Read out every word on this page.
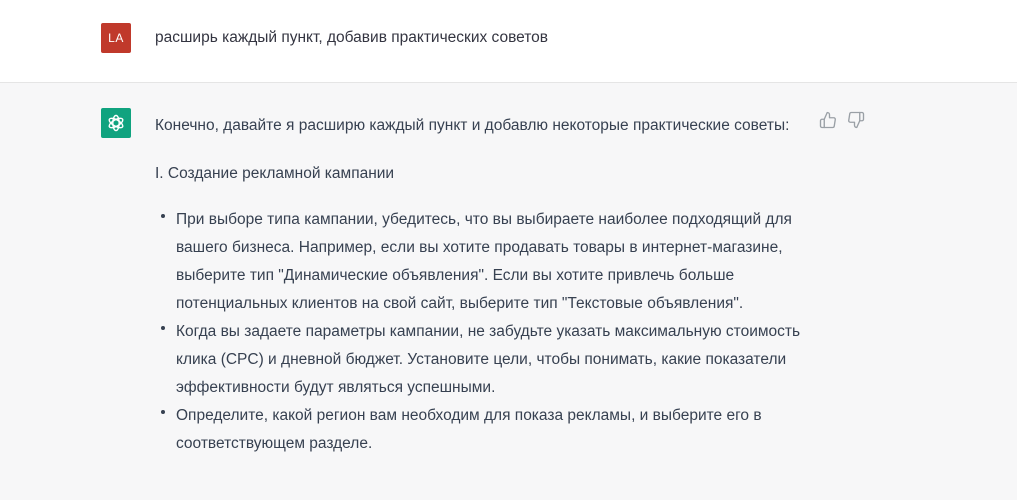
LA	расширь каждый пункт, добавив практических советов

Конечно, давайте я расширю каждый пункт и добавлю некоторые практические советы:

I. Создание рекламной кампании

При выборе типа кампании, убедитесь, что вы выбираете наиболее подходящий для вашего бизнеса. Например, если вы хотите продавать товары в интернет-магазине, выберите тип "Динамические объявления". Если вы хотите привлечь больше потенциальных клиентов на свой сайт, выберите тип "Текстовые объявления".
Когда вы задаете параметры кампании, не забудьте указать максимальную стоимость клика (CPC) и дневной бюджет. Установите цели, чтобы понимать, какие показатели эффективности будут являться успешными.
Определите, какой регион вам необходим для показа рекламы, и выберите его в соответствующем разделе.
